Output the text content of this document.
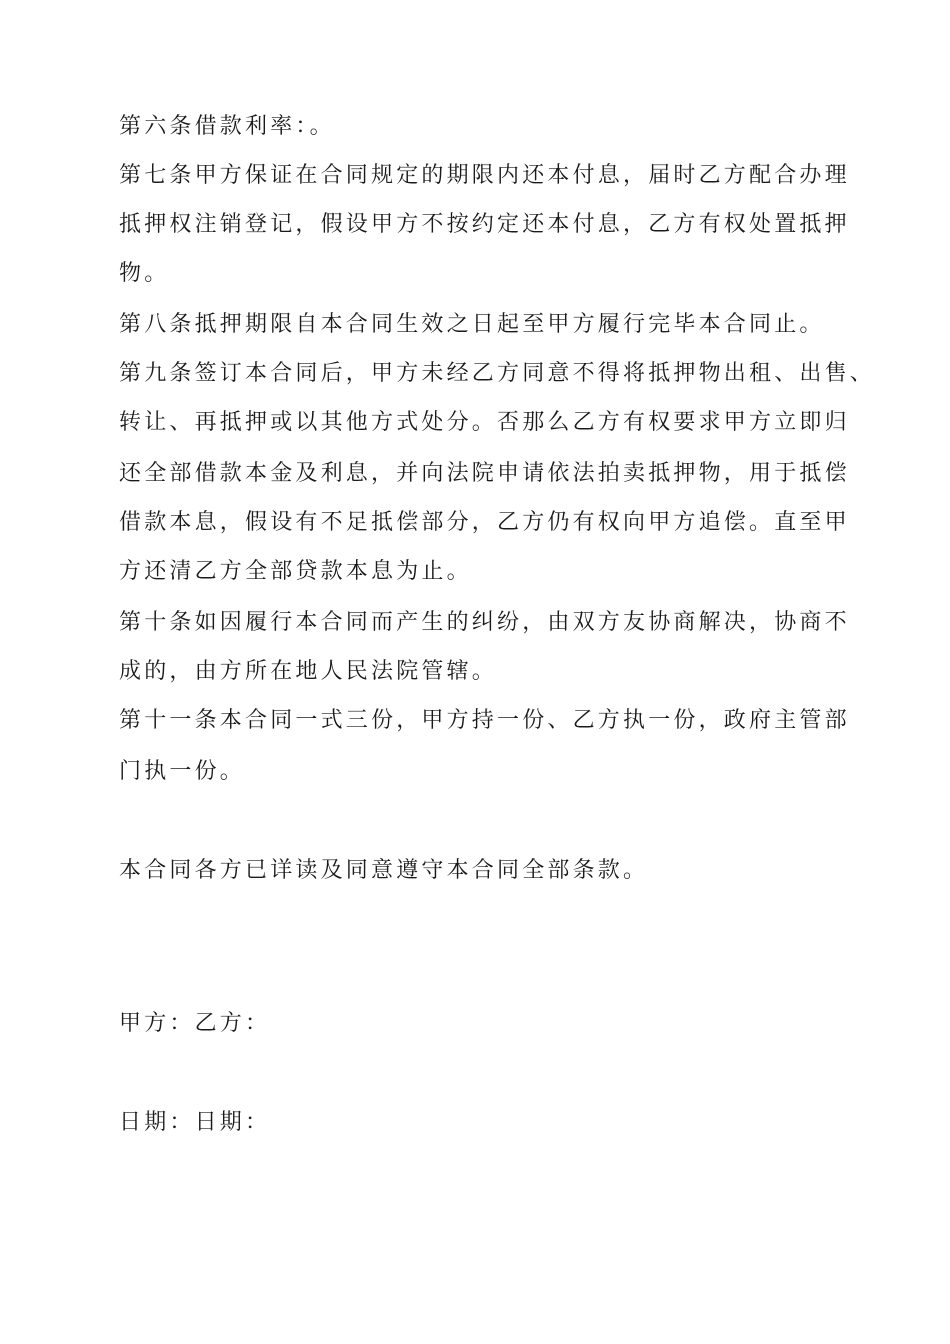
第六条借款利率：。
第七条甲方保证在合同规定的期限内还本付息，届时乙方配合办理
抵押权注销登记，假设甲方不按约定还本付息，乙方有权处置抵押
物。
第八条抵押期限自本合同生效之日起至甲方履行完毕本合同止。
第九条签订本合同后，甲方未经乙方同意不得将抵押物出租、出售、
转让、再抵押或以其他方式处分。否那么乙方有权要求甲方立即归
还全部借款本金及利息，并向法院申请依法拍卖抵押物，用于抵偿
借款本息，假设有不足抵偿部分，乙方仍有权向甲方追偿。直至甲
方还清乙方全部贷款本息为止。
第十条如因履行本合同而产生的纠纷，由双方友协商解决，协商不
成的，由方所在地人民法院管辖。
第十一条本合同一式三份，甲方持一份、乙方执一份，政府主管部
门执一份。
本合同各方已详读及同意遵守本合同全部条款。
甲方：乙方：
日期：日期：
